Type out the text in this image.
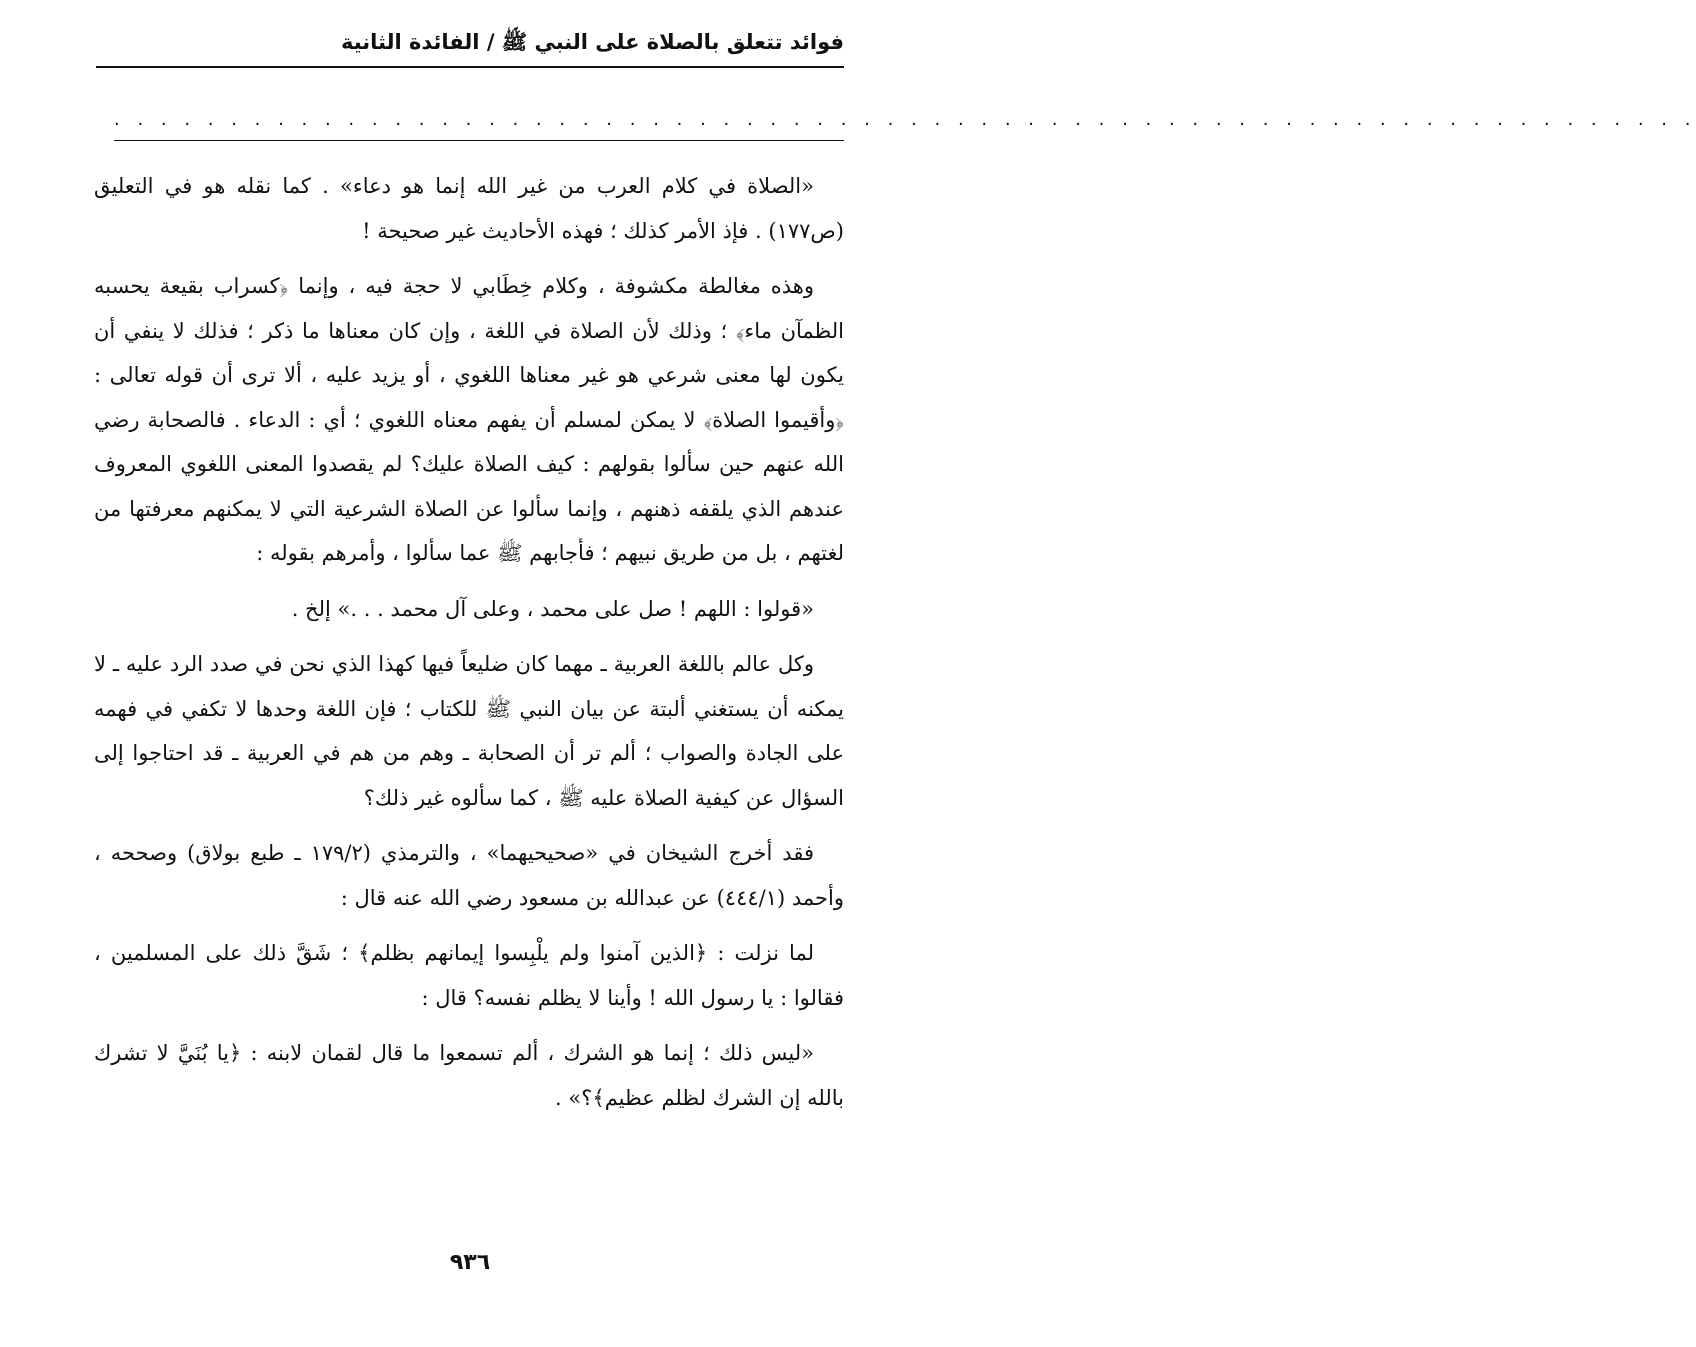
فوائد تتعلق بالصلاة على النبي ﷺ / الفائدة الثانية
. . . . . . . . . . . . . . . . . . . . . . . . . . . . . . . . . . . . . . . . . . . . . . . . . . . . . . . . . . . . . . . . . . . .

«الصلاة في كلام العرب من غير الله إنما هو دعاء» . كما نقله هو في التعليق (ص١٧٧) . فإذ الأمر كذلك ؛ فهذه الأحاديث غير صحيحة !

وهذه مغالطة مكشوفة ، وكلام خِطَابي لا حجة فيه ، وإنما ﴿كسراب بقيعة يحسبه الظمآن ماء﴾ ؛ وذلك لأن الصلاة في اللغة ، وإن كان معناها ما ذكر ؛ فذلك لا ينفي أن يكون لها معنى شرعي هو غير معناها اللغوي ، أو يزيد عليه ، ألا ترى أن قوله تعالى : ﴿وأقيموا الصلاة﴾ لا يمكن لمسلم أن يفهم معناه اللغوي ؛ أي : الدعاء . فالصحابة رضي الله عنهم حين سألوا بقولهم : كيف الصلاة عليك؟ لم يقصدوا المعنى اللغوي المعروف عندهم الذي يلقفه ذهنهم ، وإنما سألوا عن الصلاة الشرعية التي لا يمكنهم معرفتها من لغتهم ، بل من طريق نبيهم ؛ فأجابهم ﷺ عما سألوا ، وأمرهم بقوله :

«قولوا : اللهم ! صل على محمد ، وعلى آل محمد . . .» إلخ .

وكل عالم باللغة العربية ـ مهما كان ضليعاً فيها كهذا الذي نحن في صدد الرد عليه ـ لا يمكنه أن يستغني ألبتة عن بيان النبي ﷺ للكتاب ؛ فإن اللغة وحدها لا تكفي في فهمه على الجادة والصواب ؛ ألم تر أن الصحابة ـ وهم من هم في العربية ـ قد احتاجوا إلى السؤال عن كيفية الصلاة عليه ﷺ ، كما سألوه غير ذلك؟

فقد أخرج الشيخان في «صحيحيهما» ، والترمذي (١٧٩/٢ ـ طبع بولاق) وصححه ، وأحمد (٤٤٤/١) عن عبدالله بن مسعود رضي الله عنه قال :

لما نزلت : ﴿الذين آمنوا ولم يلْبِسوا إيمانهم بظلم﴾ ؛ شَقَّ ذلك على المسلمين ، فقالوا : يا رسول الله ! وأينا لا يظلم نفسه؟ قال :

«ليس ذلك ؛ إنما هو الشرك ، ألم تسمعوا ما قال لقمان لابنه : ﴿يا بُنَيَّ لا تشرك بالله إن الشرك لظلم عظيم﴾؟» .

٩٣٦
